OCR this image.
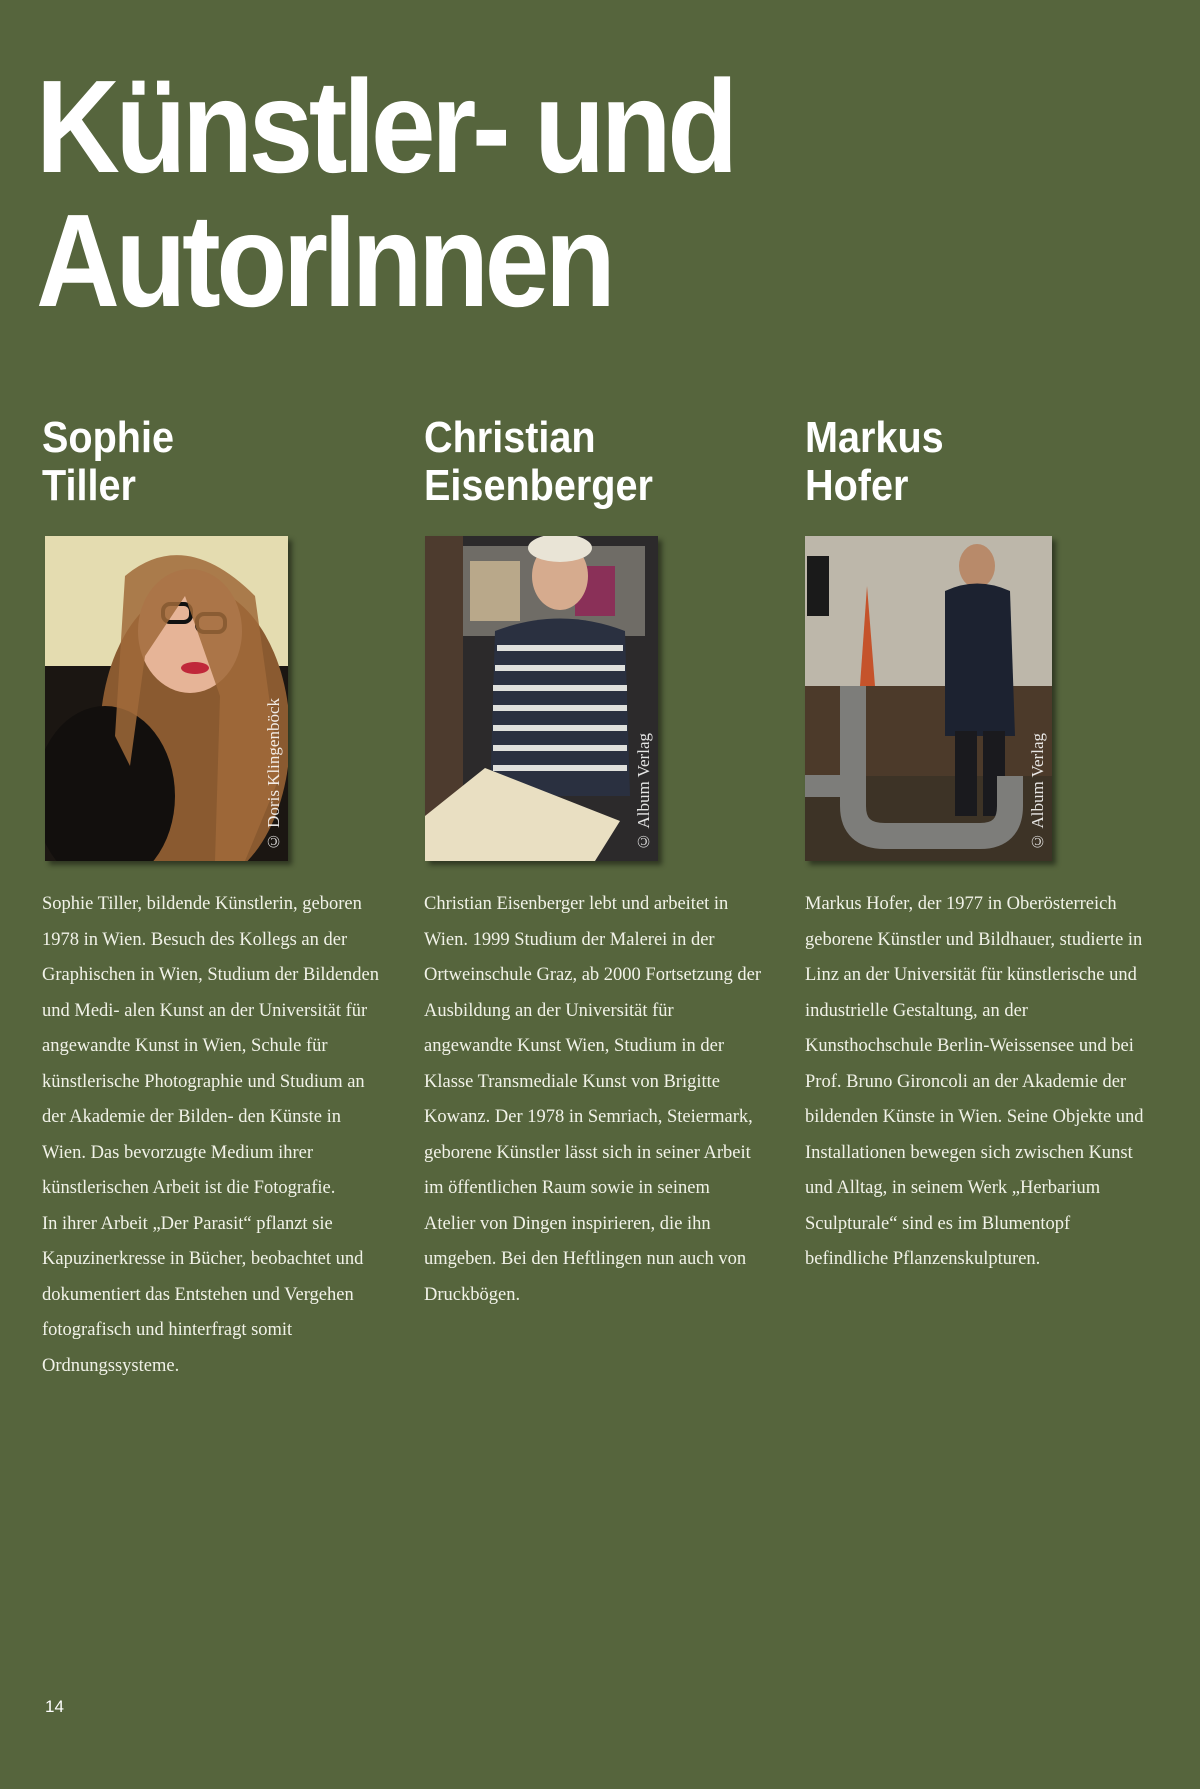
Künstler- und
AutorInnen
Sophie
Tiller
© Doris Klingenböck

Sophie Tiller, bildende Künstlerin, geboren 1978 in Wien. Besuch des Kollegs an der Graphischen in Wien, Studium der Bildenden und Medi- alen Kunst an der Universität für angewandte Kunst in Wien, Schule für künstlerische Photographie und Studium an der Akademie der Bilden- den Künste in Wien. Das bevorzugte Medium ihrer künstlerischen Arbeit ist die Fotografie.

In ihrer Arbeit „Der Parasit“ pflanzt sie Kapuzinerkresse in Bücher, beobachtet und dokumentiert das Entstehen und Vergehen fotografisch und hinterfragt somit Ordnungssysteme.

Christian
Eisenberger
© Album Verlag

Christian Eisenberger lebt und arbeitet in Wien. 1999 Studium der Malerei in der Ortweinschule Graz, ab 2000 Fortsetzung der Ausbildung an der Universität für angewandte Kunst Wien, Studium in der Klasse Transmediale Kunst von Brigitte Kowanz. Der 1978 in Semriach, Steiermark, geborene Künstler lässt sich in seiner Arbeit im öffentlichen Raum sowie in seinem Atelier von Dingen inspirieren, die ihn umgeben. Bei den Heftlingen nun auch von Druckbögen.

Markus
Hofer
© Album Verlag

Markus Hofer, der 1977 in Oberösterreich geborene Künstler und Bildhauer, studierte in Linz an der Universität für künstlerische und industrielle Gestaltung, an der Kunsthochschule Berlin-Weissensee und bei Prof. Bruno Gironcoli an der Akademie der bildenden Künste in Wien. Seine Objekte und Installationen bewegen sich zwischen Kunst und Alltag, in seinem Werk „Herbarium Sculpturale“ sind es im Blumentopf befindliche Pflanzenskulpturen.

14
